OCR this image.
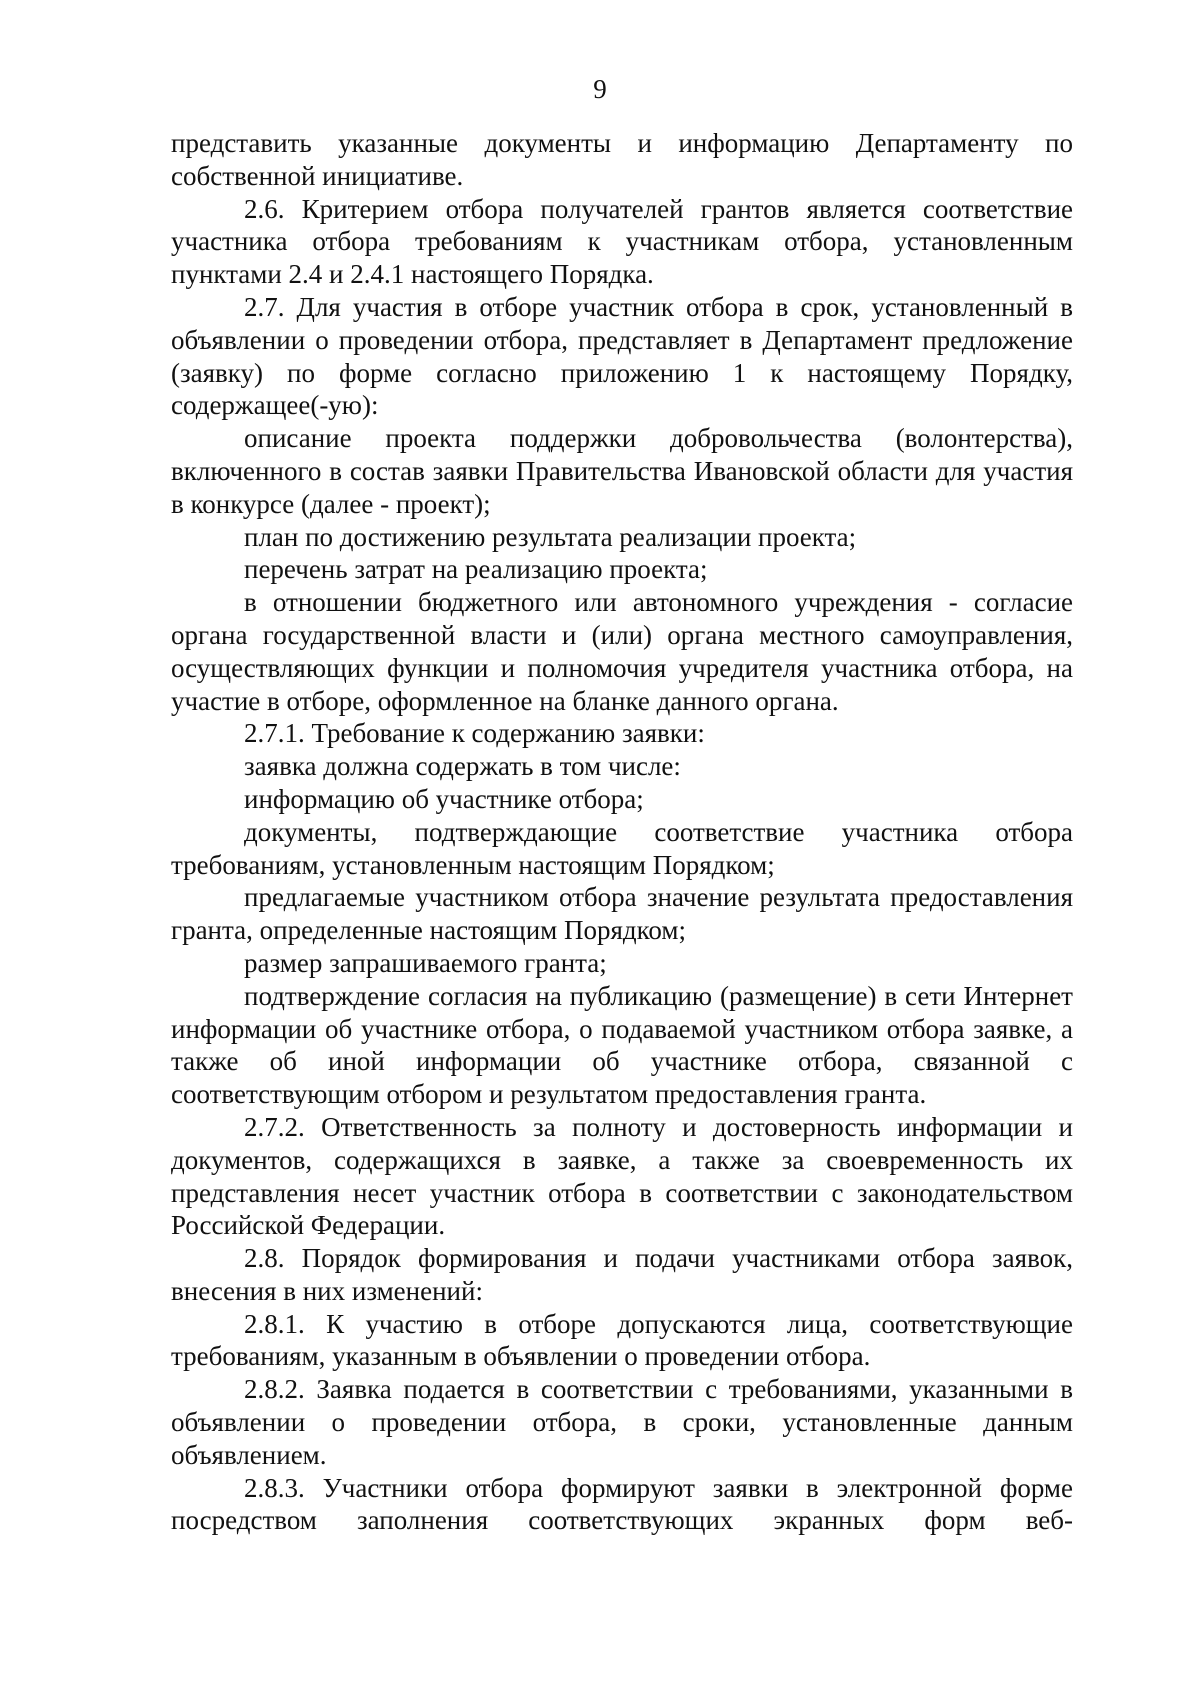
9

представить указанные документы и информацию Департаменту по собственной инициативе.

2.6. Критерием отбора получателей грантов является соответствие участника отбора требованиям к участникам отбора, установленным пунктами 2.4 и 2.4.1 настоящего Порядка.

2.7. Для участия в отборе участник отбора в срок, установленный в объявлении о проведении отбора, представляет в Департамент предложение (заявку) по форме согласно приложению 1 к настоящему Порядку, содержащее(-ую):

описание проекта поддержки добровольчества (волонтерства), включенного в состав заявки Правительства Ивановской области для участия в конкурсе (далее - проект);

план по достижению результата реализации проекта;

перечень затрат на реализацию проекта;

в отношении бюджетного или автономного учреждения - согласие органа государственной власти и (или) органа местного самоуправления, осуществляющих функции и полномочия учредителя участника отбора, на участие в отборе, оформленное на бланке данного органа.

2.7.1. Требование к содержанию заявки:

заявка должна содержать в том числе:

информацию об участнике отбора;

документы, подтверждающие соответствие участника отбора требованиям, установленным настоящим Порядком;

предлагаемые участником отбора значение результата предоставления гранта, определенные настоящим Порядком;

размер запрашиваемого гранта;

подтверждение согласия на публикацию (размещение) в сети Интернет информации об участнике отбора, о подаваемой участником отбора заявке, а также об иной информации об участнике отбора, связанной с соответствующим отбором и результатом предоставления гранта.

2.7.2. Ответственность за полноту и достоверность информации и документов, содержащихся в заявке, а также за своевременность их представления несет участник отбора в соответствии с законодательством Российской Федерации.

2.8. Порядок формирования и подачи участниками отбора заявок, внесения в них изменений:

2.8.1. К участию в отборе допускаются лица, соответствующие требованиям, указанным в объявлении о проведении отбора.

2.8.2. Заявка подается в соответствии с требованиями, указанными в объявлении о проведении отбора, в сроки, установленные данным объявлением.

2.8.3. Участники отбора формируют заявки в электронной форме посредством заполнения соответствующих экранных форм веб-
